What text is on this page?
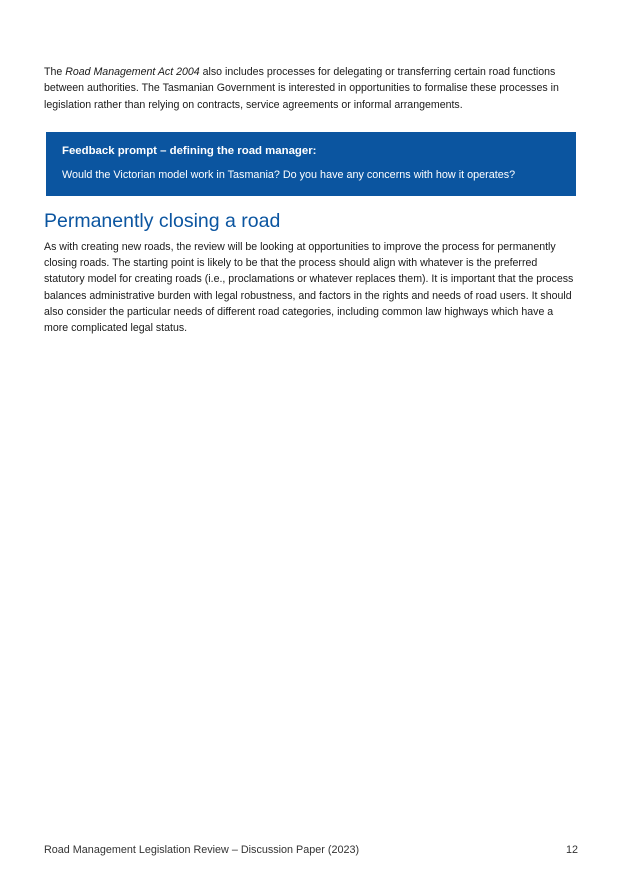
The Road Management Act 2004 also includes processes for delegating or transferring certain road functions between authorities. The Tasmanian Government is interested in opportunities to formalise these processes in legislation rather than relying on contracts, service agreements or informal arrangements.

Feedback prompt – defining the road manager:

Would the Victorian model work in Tasmania? Do you have any concerns with how it operates?

Permanently closing a road

As with creating new roads, the review will be looking at opportunities to improve the process for permanently closing roads. The starting point is likely to be that the process should align with whatever is the preferred statutory model for creating roads (i.e., proclamations or whatever replaces them). It is important that the process balances administrative burden with legal robustness, and factors in the rights and needs of road users. It should also consider the particular needs of different road categories, including common law highways which have a more complicated legal status.

Road Management Legislation Review – Discussion Paper (2023)	12
